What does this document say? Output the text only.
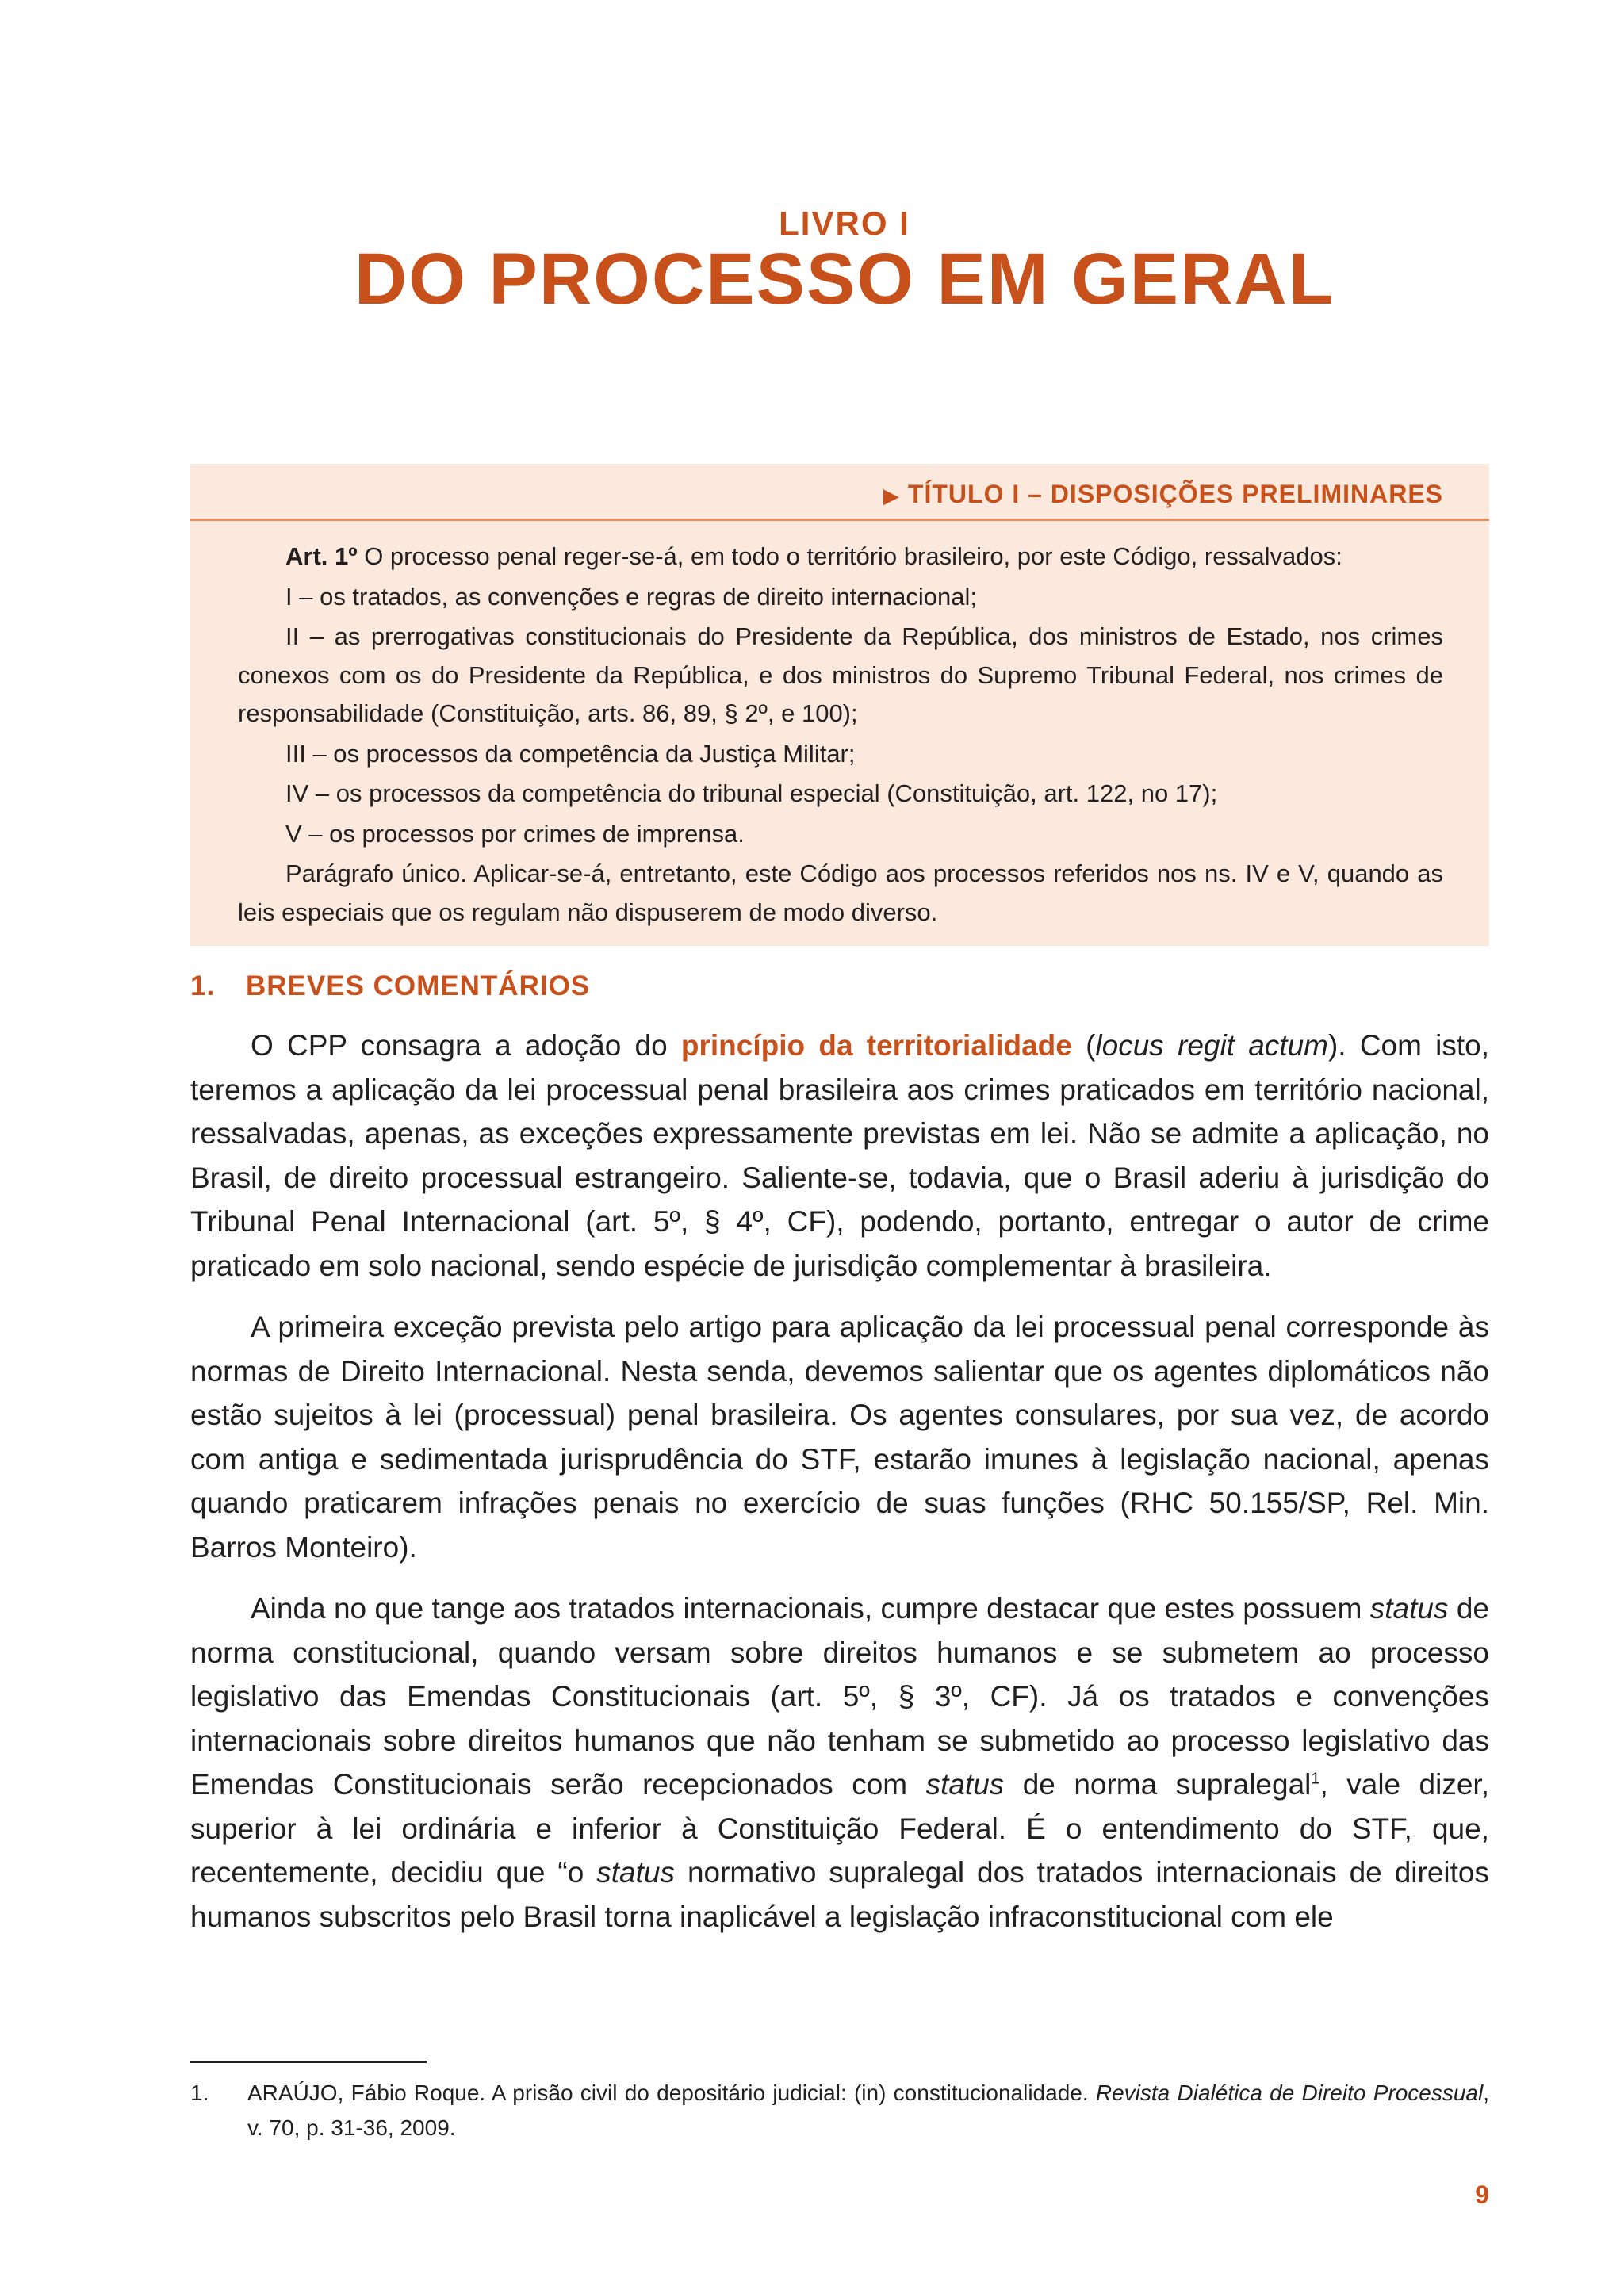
LIVRO I
DO PROCESSO EM GERAL
▶ TÍTULO I – DISPOSIÇÕES PRELIMINARES

Art. 1º O processo penal reger-se-á, em todo o território brasileiro, por este Código, ressalvados:

I – os tratados, as convenções e regras de direito internacional;

II – as prerrogativas constitucionais do Presidente da República, dos ministros de Estado, nos crimes conexos com os do Presidente da República, e dos ministros do Supremo Tribunal Federal, nos crimes de responsabilidade (Constituição, arts. 86, 89, § 2º, e 100);

III – os processos da competência da Justiça Militar;

IV – os processos da competência do tribunal especial (Constituição, art. 122, no 17);

V – os processos por crimes de imprensa.

Parágrafo único. Aplicar-se-á, entretanto, este Código aos processos referidos nos ns. IV e V, quando as leis especiais que os regulam não dispuserem de modo diverso.

1. BREVES COMENTÁRIOS

O CPP consagra a adoção do princípio da territorialidade (locus regit actum). Com isto, teremos a aplicação da lei processual penal brasileira aos crimes praticados em território nacional, ressalvadas, apenas, as exceções expressamente previstas em lei. Não se admite a aplicação, no Brasil, de direito processual estrangeiro. Saliente-se, todavia, que o Brasil aderiu à jurisdição do Tribunal Penal Internacional (art. 5º, § 4º, CF), podendo, portanto, entregar o autor de crime praticado em solo nacional, sendo espécie de jurisdição complementar à brasileira.

A primeira exceção prevista pelo artigo para aplicação da lei processual penal corresponde às normas de Direito Internacional. Nesta senda, devemos salientar que os agentes diplomáticos não estão sujeitos à lei (processual) penal brasileira. Os agentes consulares, por sua vez, de acordo com antiga e sedimentada jurisprudência do STF, estarão imunes à legislação nacional, apenas quando praticarem infrações penais no exercício de suas funções (RHC 50.155/SP, Rel. Min. Barros Monteiro).

Ainda no que tange aos tratados internacionais, cumpre destacar que estes possuem status de norma constitucional, quando versam sobre direitos humanos e se submetem ao processo legislativo das Emendas Constitucionais (art. 5º, § 3º, CF). Já os tratados e convenções internacionais sobre direitos humanos que não tenham se submetido ao processo legislativo das Emendas Constitucionais serão recepcionados com status de norma supralegal$^1$, vale dizer, superior à lei ordinária e inferior à Constituição Federal. É o entendimento do STF, que, recentemente, decidiu que “o status normativo supralegal dos tratados internacionais de direitos humanos subscritos pelo Brasil torna inaplicável a legislação infraconstitucional com ele

1. ARAÚJO, Fábio Roque. A prisão civil do depositário judicial: (in) constitucionalidade. Revista Dialética de Direito Processual, v. 70, p. 31-36, 2009.
9
